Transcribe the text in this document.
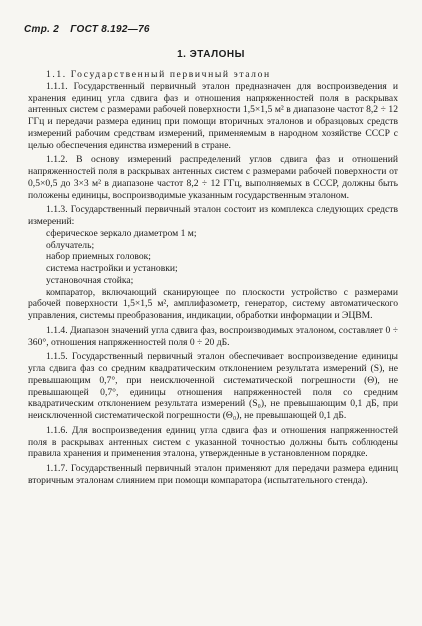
Стр. 2 ГОСТ 8.192—76
1. ЭТАЛОНЫ

1.1. Государственный первичный эталон

1.1.1. Государственный первичный эталон предназначен для воспроизведения и хранения единиц угла сдвига фаз и отношения напряженностей поля в раскрывах антенных систем с размерами рабочей поверхности 1,5×1,5 м² в диапазоне частот 8,2 ÷ 12 ГГц и передачи размера единиц при помощи вторичных эталонов и образцовых средств измерений рабочим средствам измерений, применяемым в народном хозяйстве СССР с целью обеспечения единства измерений в стране.

1.1.2. В основу измерений распределений углов сдвига фаз и отношений напряженностей поля в раскрывах антенных систем с размерами рабочей поверхности от 0,5×0,5 до 3×3 м² в диапазоне частот 8,2 ÷ 12 ГГц, выполняемых в СССР, должны быть положены единицы, воспроизводимые указанным государственным эталоном.

1.1.3. Государственный первичный эталон состоит из комплекса следующих средств измерений:

сферическое зеркало диаметром 1 м;

облучатель;

набор приемных головок;

система настройки и установки;

установочная стойка;

компаратор, включающий сканирующее по плоскости устройство с размерами рабочей поверхности 1,5×1,5 м², амплифазометр, генератор, систему автоматического управления, системы преобразования, индикации, обработки информации и ЭЦВМ.

1.1.4. Диапазон значений угла сдвига фаз, воспроизводимых эталоном, составляет 0 ÷ 360°, отношения напряженностей поля 0 ÷ 20 дБ.

1.1.5. Государственный первичный эталон обеспечивает воспроизведение единицы угла сдвига фаз со средним квадратическим отклонением результата измерений (S), не превышающим 0,7°, при неисключенной систематической погрешности (Θ), не превышающей 0,7°, единицы отношения напряженностей поля со средним квадратическим отклонением результата измерений (S₀), не превышающим 0,1 дБ, при неисключенной систематической погрешности (Θ₀), не превышающей 0,1 дБ.

1.1.6. Для воспроизведения единиц угла сдвига фаз и отношения напряженностей поля в раскрывах антенных систем с указанной точностью должны быть соблюдены правила хранения и применения эталона, утвержденные в установленном порядке.

1.1.7. Государственный первичный эталон применяют для передачи размера единиц вторичным эталонам слиянием при помощи компаратора (испытательного стенда).
